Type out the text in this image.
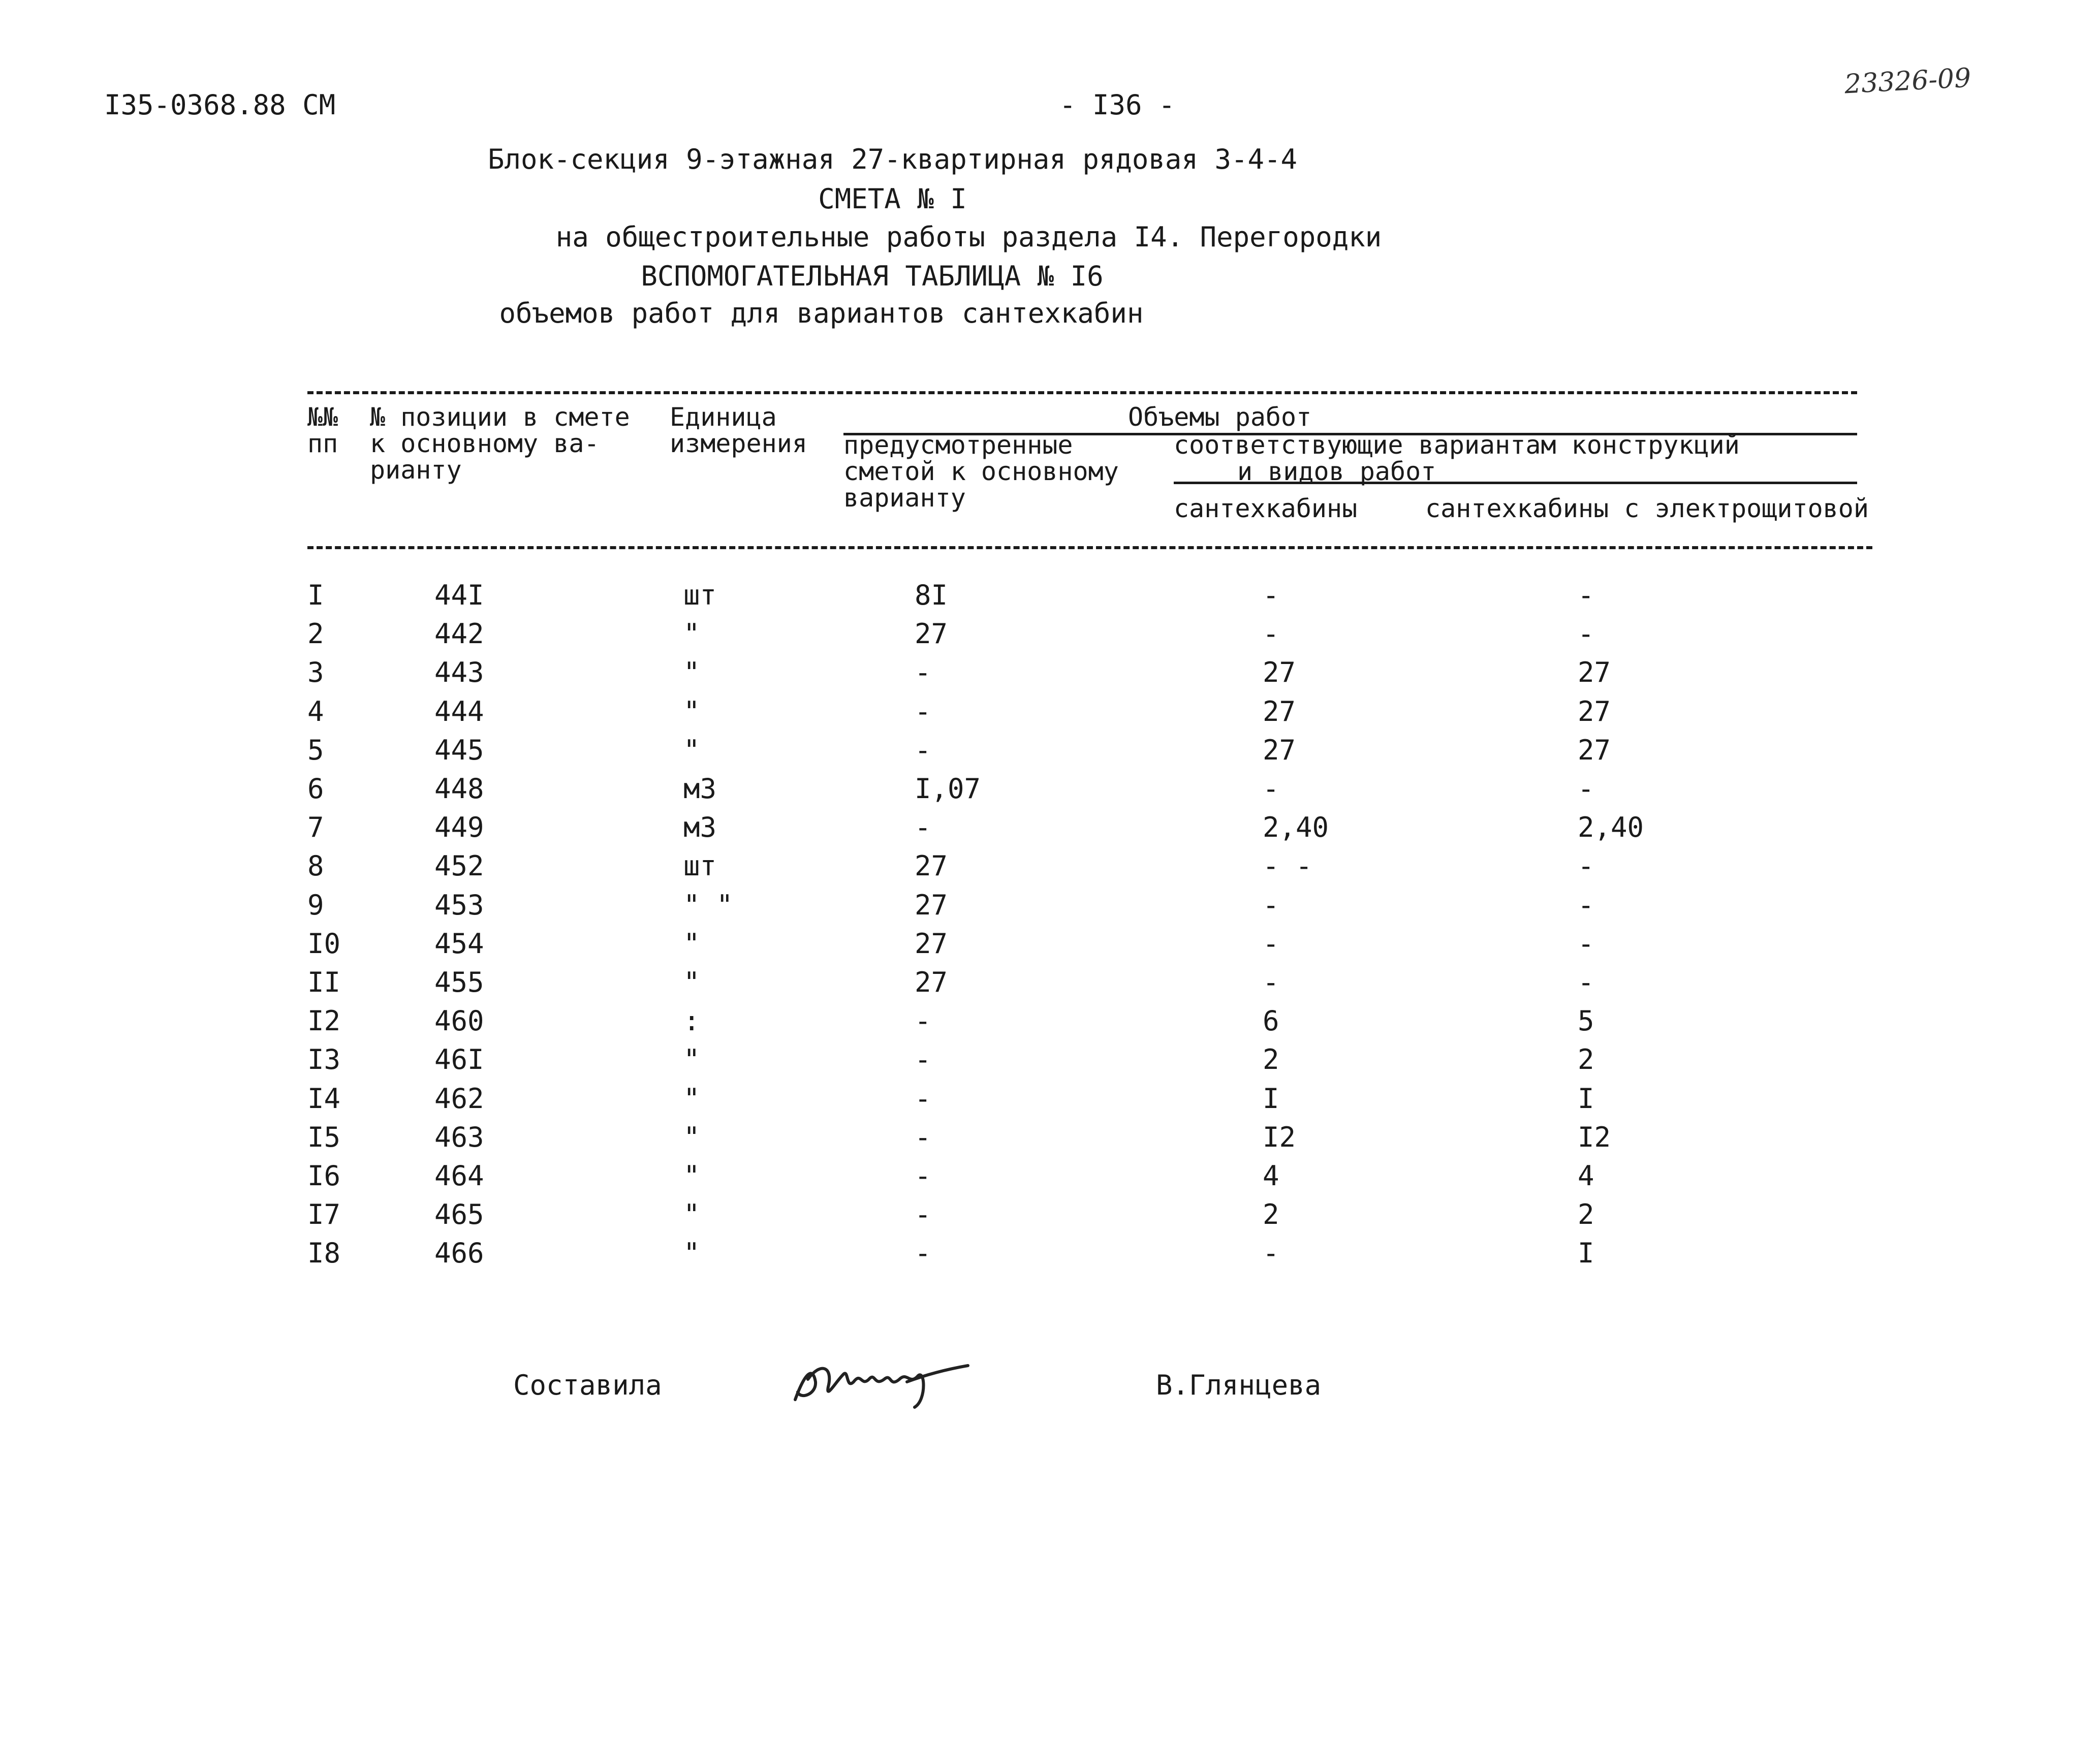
I35-0368.88 СМ	- I36 -
23326-09
Блок-секция 9-этажная 27-квартирная рядовая 3-4-4
СМЕТА № I
на общестроительные работы раздела I4. Перегородки
ВСПОМОГАТЕЛЬНАЯ ТАБЛИЦА № I6
объемов работ для вариантов сантехкабин
№№
пп
№ позиции в смете
к основному ва-
рианту
Единица
измерения
Объемы работ
предусмотренные
сметой к основному
варианту
соответствующие вариантам конструкций
и видов работ
сантехкабины	сантехкабины с электрощитовой
I	44I	шт	8I	-	-
2	442	"	27	-	-
3	443	"	-	27	27
4	444	"	-	27	27
5	445	"	-	27	27
6	448	м3	I,07	-	-
7	449	м3	-	2,40	2,40
8	452	шт	27	- -	-
9	453	" "	27	-	-
I0	454	"	27	-	-
II	455	"	27	-	-
I2	460	:	-	6	5
I3	46I	"	-	2	2
I4	462	"	-	I	I
I5	463	"	-	I2	I2
I6	464	"	-	4	4
I7	465	"	-	2	2
I8	466	"	-	-	I
Составила	В.Глянцева
